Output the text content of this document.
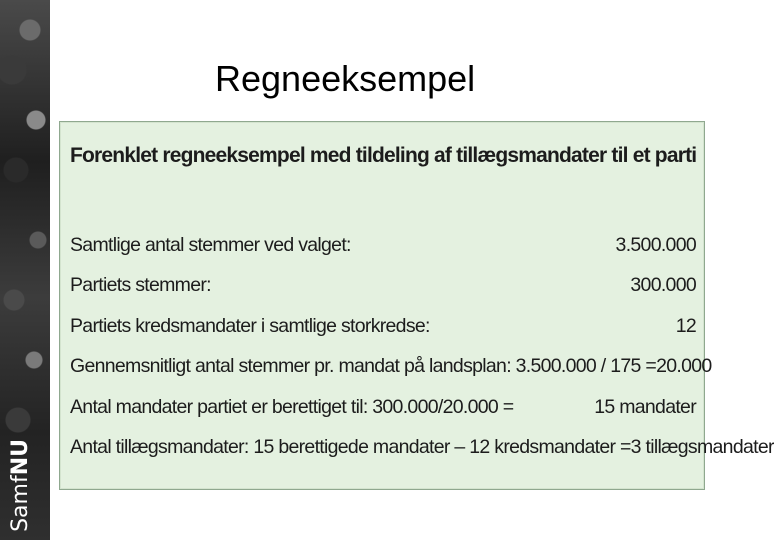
SamfNU
Regneeksempel
Forenklet regneeksempel med tildeling af tillægsmandater til et parti
Samtlige antal stemmer ved valget:	3.500.000
Partiets stemmer:	300.000
Partiets kredsmandater i samtlige storkredse:	12
Gennemsnitligt antal stemmer pr. mandat på landsplan: 3.500.000 / 175 = 20.000
Antal mandater partiet er berettiget til: 300.000/20.000 =	15 mandater
Antal tillægsmandater: 15 berettigede mandater – 12 kredsmandater = 3 tillægsmandater
